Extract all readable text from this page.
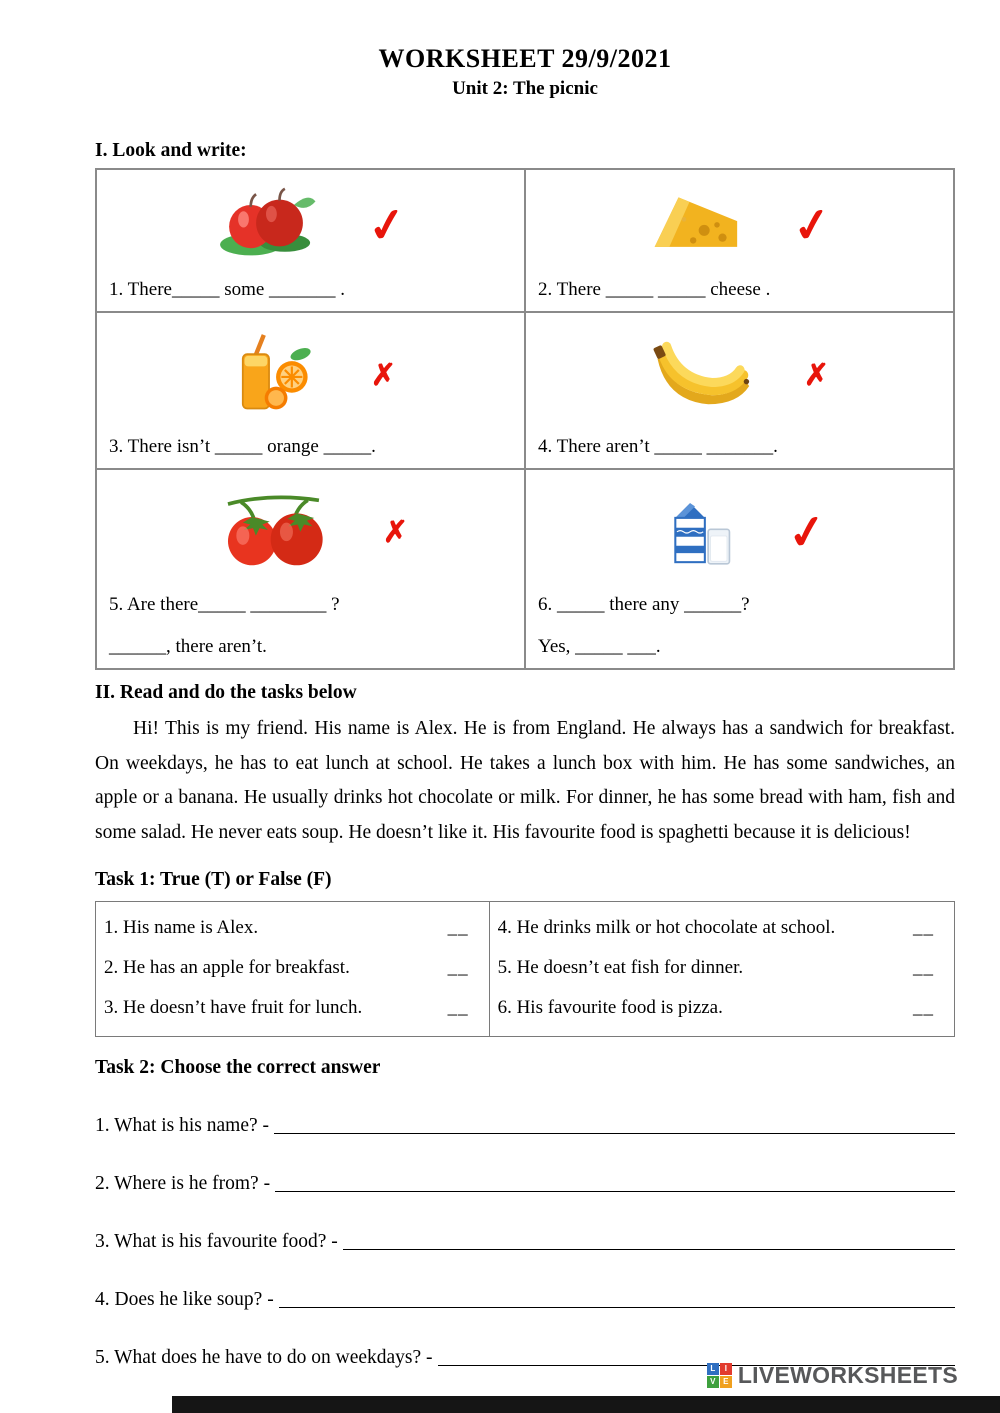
WORKSHEET 29/9/2021
Unit 2: The picnic
I. Look and write:
✓
1. There_____ some _______ .
✓
2. There _____ _____ cheese .
✗
3. There isn’t _____ orange _____.
✗
4. There aren’t _____ _______.
✗
5. Are there_____ ________ ?
______, there aren’t.
✓
6. _____ there any ______?
Yes, _____ ___.
II. Read and do the tasks below

Hi! This is my friend. His name is Alex. He is from England. He always has a sandwich for breakfast. On weekdays, he has to eat lunch at school. He takes a lunch box with him. He has some sandwiches, an apple or a banana. He usually drinks hot chocolate or milk. For dinner, he has some bread with ham, fish and some salad. He never eats soup. He doesn’t like it. His favourite food is spaghetti because it is delicious!

Task 1: True (T) or False (F)
1. His name is Alex.	__
2. He has an apple for breakfast.	__
3. He doesn’t have fruit for lunch.	__
4. He drinks milk or hot chocolate at school.	__
5. He doesn’t eat fish for dinner.	__
6. His favourite food is pizza.	__
Task 2: Choose the correct answer
1. What is his name? -
2. Where is he from? -
3. What is his favourite food? -
4. Does he like soup? -
5. What does he have to do on weekdays? -
L	I
V E LIVEWORKSHEETS
